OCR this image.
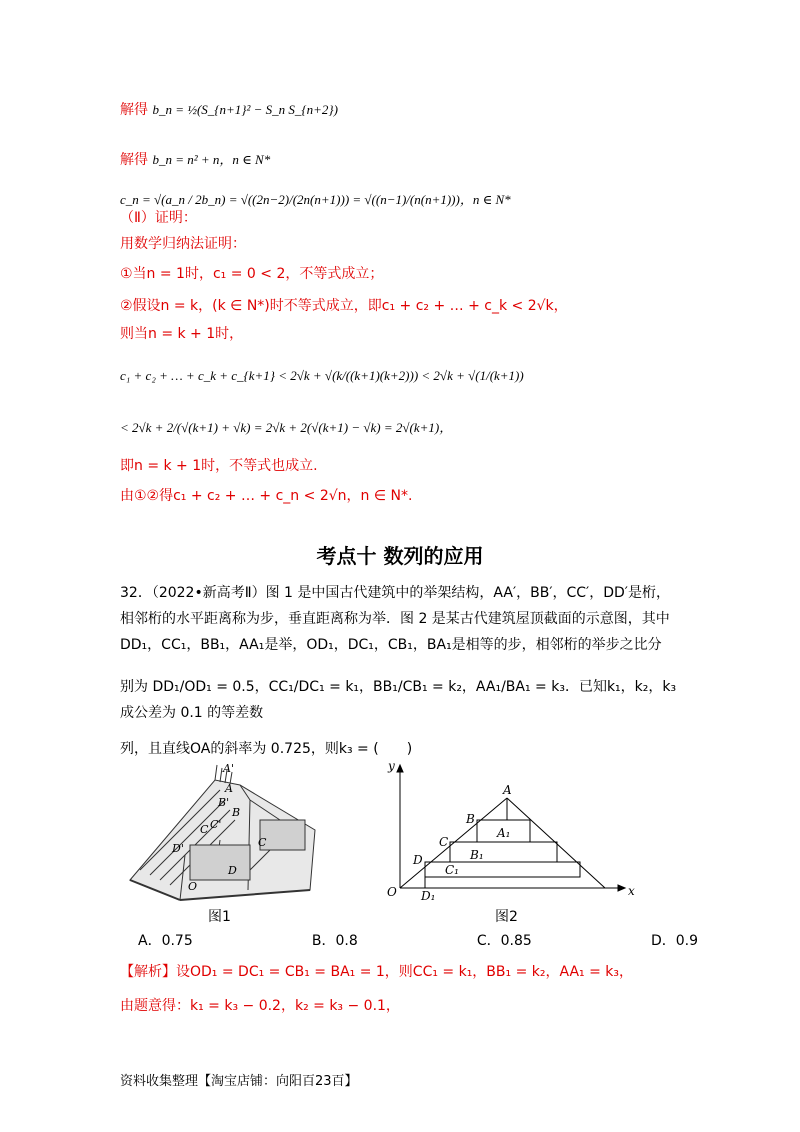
解得 b_n = ½(S_{n+1}² − S_n S_{n+2})
解得 b_n = n² + n，n ∈ N*
c_n = √(a_n / 2b_n) = √((2n−2)/(2n(n+1))) = √((n−1)/(n(n+1)))，n ∈ N*
（Ⅱ）证明：
用数学归纳法证明：
①当n = 1时，c₁ = 0 < 2，不等式成立；
②假设n = k，(k ∈ N*)时不等式成立，即c₁ + c₂ + … + c_k < 2√k，
则当n = k + 1时，
c₁ + c₂ + … + c_k + c_{k+1} < 2√k + √(k/((k+1)(k+2))) < 2√k + √(1/(k+1))
< 2√k + 2/(√(k+1) + √k) = 2√k + 2(√(k+1) − √k) = 2√(k+1)，
即n = k + 1时，不等式也成立.
由①②得c₁ + c₂ + … + c_n < 2√n，n ∈ N*.
考点十 数列的应用
32．（2022•新高考Ⅱ）图 1 是中国古代建筑中的举架结构，AA′，BB′，CC′，DD′是桁，
相邻桁的水平距离称为步，垂直距离称为举．图 2 是某古代建筑屋顶截面的示意图，其中
DD₁，CC₁，BB₁，AA₁是举，OD₁，DC₁，CB₁，BA₁是相等的步，相邻桁的举步之比分
别为 DD₁/OD₁ = 0.5，CC₁/DC₁ = k₁，BB₁/CB₁ = k₂，AA₁/BA₁ = k₃．已知k₁，k₂，k₃成公差为 0.1 的等差数
列，且直线OA的斜率为 0.725，则k₃ = (　　)
A'
A
B'
B
C'
C
C
D'
D
O
图1
y
x
O
A
B
C
D
A₁
B₁
C₁
D₁
图2
A．0.75	B．0.8	C．0.85	D．0.9
【解析】设OD₁ = DC₁ = CB₁ = BA₁ = 1，则CC₁ = k₁，BB₁ = k₂，AA₁ = k₃，
由题意得：k₁ = k₃ − 0.2，k₂ = k₃ − 0.1，
资料收集整理【淘宝店铺：向阳百23百】
